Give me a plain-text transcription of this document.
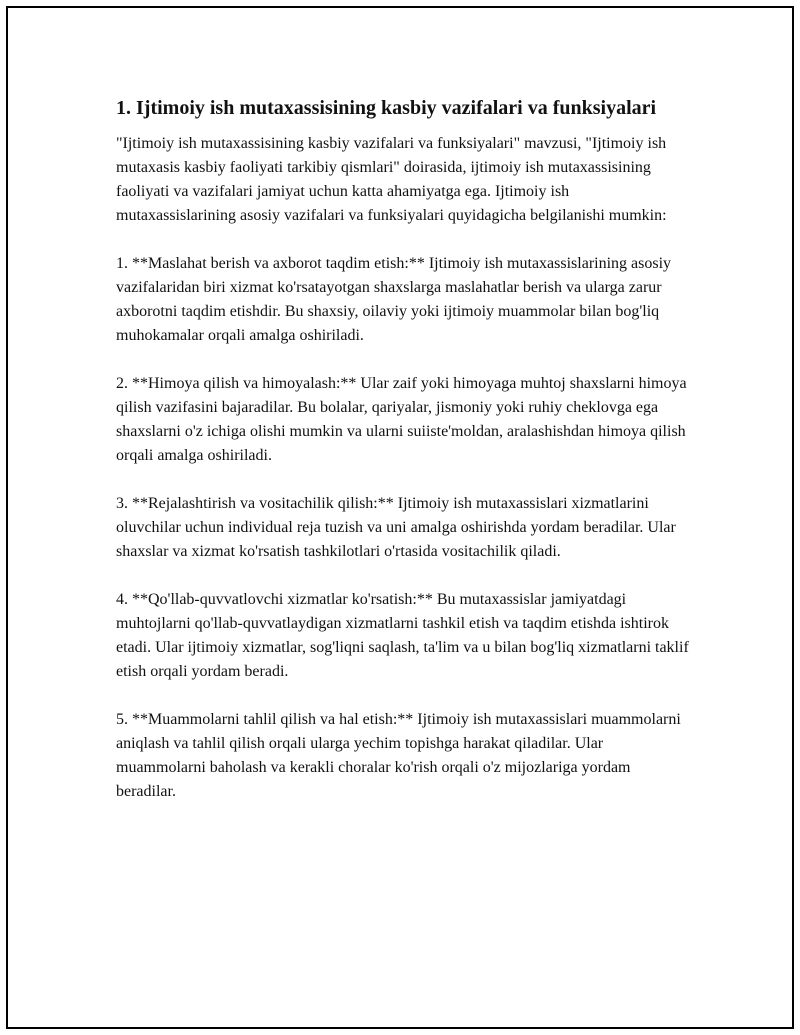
1. Ijtimoiy ish mutaxassisining kasbiy vazifalari va funksiyalari

"Ijtimoiy ish mutaxassisining kasbiy vazifalari va funksiyalari" mavzusi, "Ijtimoiy ish mutaxasis kasbiy faoliyati tarkibiy qismlari" doirasida, ijtimoiy ish mutaxassisining faoliyati va vazifalari jamiyat uchun katta ahamiyatga ega. Ijtimoiy ish mutaxassislarining asosiy vazifalari va funksiyalari quyidagicha belgilanishi mumkin:

1. **Maslahat berish va axborot taqdim etish:** Ijtimoiy ish mutaxassislarining asosiy vazifalaridan biri xizmat ko'rsatayotgan shaxslarga maslahatlar berish va ularga zarur axborotni taqdim etishdir. Bu shaxsiy, oilaviy yoki ijtimoiy muammolar bilan bog'liq muhokamalar orqali amalga oshiriladi.

2. **Himoya qilish va himoyalash:** Ular zaif yoki himoyaga muhtoj shaxslarni himoya qilish vazifasini bajaradilar. Bu bolalar, qariyalar, jismoniy yoki ruhiy cheklovga ega shaxslarni o'z ichiga olishi mumkin va ularni suiiste'moldan, aralashishdan himoya qilish orqali amalga oshiriladi.

3. **Rejalashtirish va vositachilik qilish:** Ijtimoiy ish mutaxassislari xizmatlarini oluvchilar uchun individual reja tuzish va uni amalga oshirishda yordam beradilar. Ular shaxslar va xizmat ko'rsatish tashkilotlari o'rtasida vositachilik qiladi.

4. **Qo'llab-quvvatlovchi xizmatlar ko'rsatish:** Bu mutaxassislar jamiyatdagi muhtojlarni qo'llab-quvvatlaydigan xizmatlarni tashkil etish va taqdim etishda ishtirok etadi. Ular ijtimoiy xizmatlar, sog'liqni saqlash, ta'lim va u bilan bog'liq xizmatlarni taklif etish orqali yordam beradi.

5. **Muammolarni tahlil qilish va hal etish:** Ijtimoiy ish mutaxassislari muammolarni aniqlash va tahlil qilish orqali ularga yechim topishga harakat qiladilar. Ular muammolarni baholash va kerakli choralar ko'rish orqali o'z mijozlariga yordam beradilar.
